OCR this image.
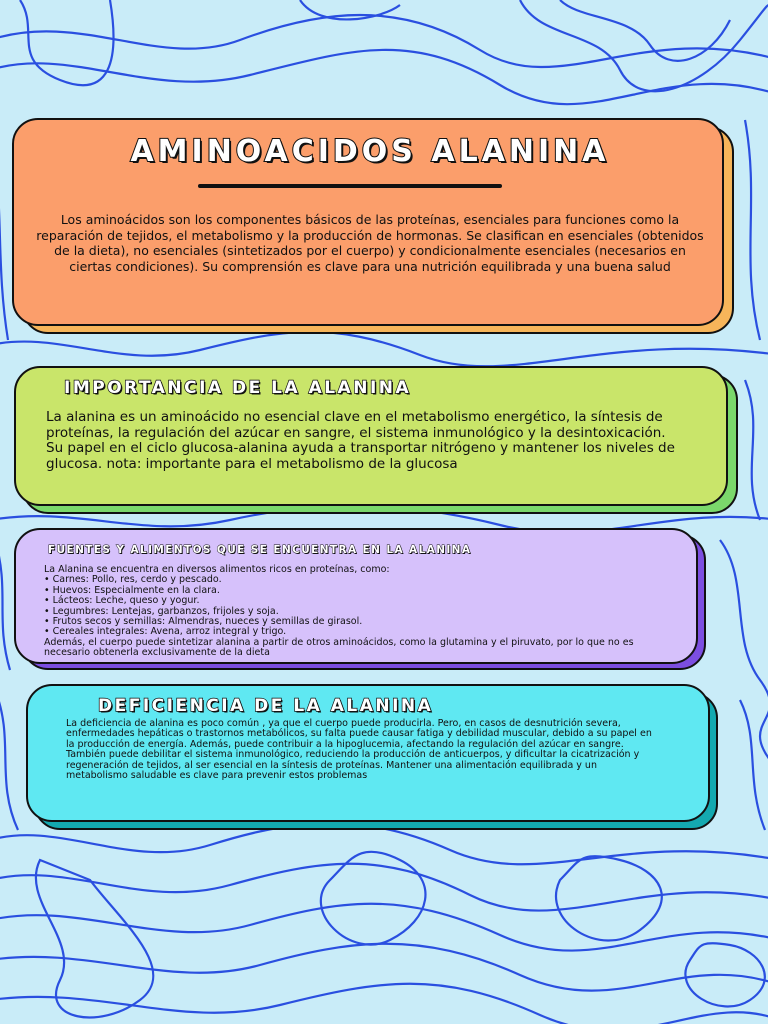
AMINOACIDOS ALANINA

Los aminoácidos son los componentes básicos de las proteínas, esenciales para funciones como la reparación de tejidos, el metabolismo y la producción de hormonas. Se clasifican en esenciales (obtenidos de la dieta), no esenciales (sintetizados por el cuerpo) y condicionalmente esenciales (necesarios en ciertas condiciones). Su comprensión es clave para una nutrición equilibrada y una buena salud

IMPORTANCIA DE LA ALANINA

La alanina es un aminoácido no esencial clave en el metabolismo energético, la síntesis de proteínas, la regulación del azúcar en sangre, el sistema inmunológico y la desintoxicación. Su papel en el ciclo glucosa-alanina ayuda a transportar nitrógeno y mantener los niveles de glucosa. nota: importante para el metabolismo de la glucosa

FUENTES Y ALIMENTOS QUE SE ENCUENTRA EN LA ALANINA

La Alanina se encuentra en diversos alimentos ricos en proteínas, como:
• Carnes: Pollo, res, cerdo y pescado.
• Huevos: Especialmente en la clara.
• Lácteos: Leche, queso y yogur.
• Legumbres: Lentejas, garbanzos, frijoles y soja.
• Frutos secos y semillas: Almendras, nueces y semillas de girasol.
• Cereales integrales: Avena, arroz integral y trigo.
Además, el cuerpo puede sintetizar alanina a partir de otros aminoácidos, como la glutamina y el piruvato, por lo que no es necesario obtenerla exclusivamente de la dieta

DEFICIENCIA DE LA ALANINA

La deficiencia de alanina es poco común , ya que el cuerpo puede producirla. Pero, en casos de desnutrición severa, enfermedades hepáticas o trastornos metabólicos, su falta puede causar fatiga y debilidad muscular, debido a su papel en la producción de energía. Además, puede contribuir a la hipoglucemia, afectando la regulación del azúcar en sangre. También puede debilitar el sistema inmunológico, reduciendo la producción de anticuerpos, y dificultar la cicatrización y regeneración de tejidos, al ser esencial en la síntesis de proteínas. Mantener una alimentación equilibrada y un metabolismo saludable es clave para prevenir estos problemas
